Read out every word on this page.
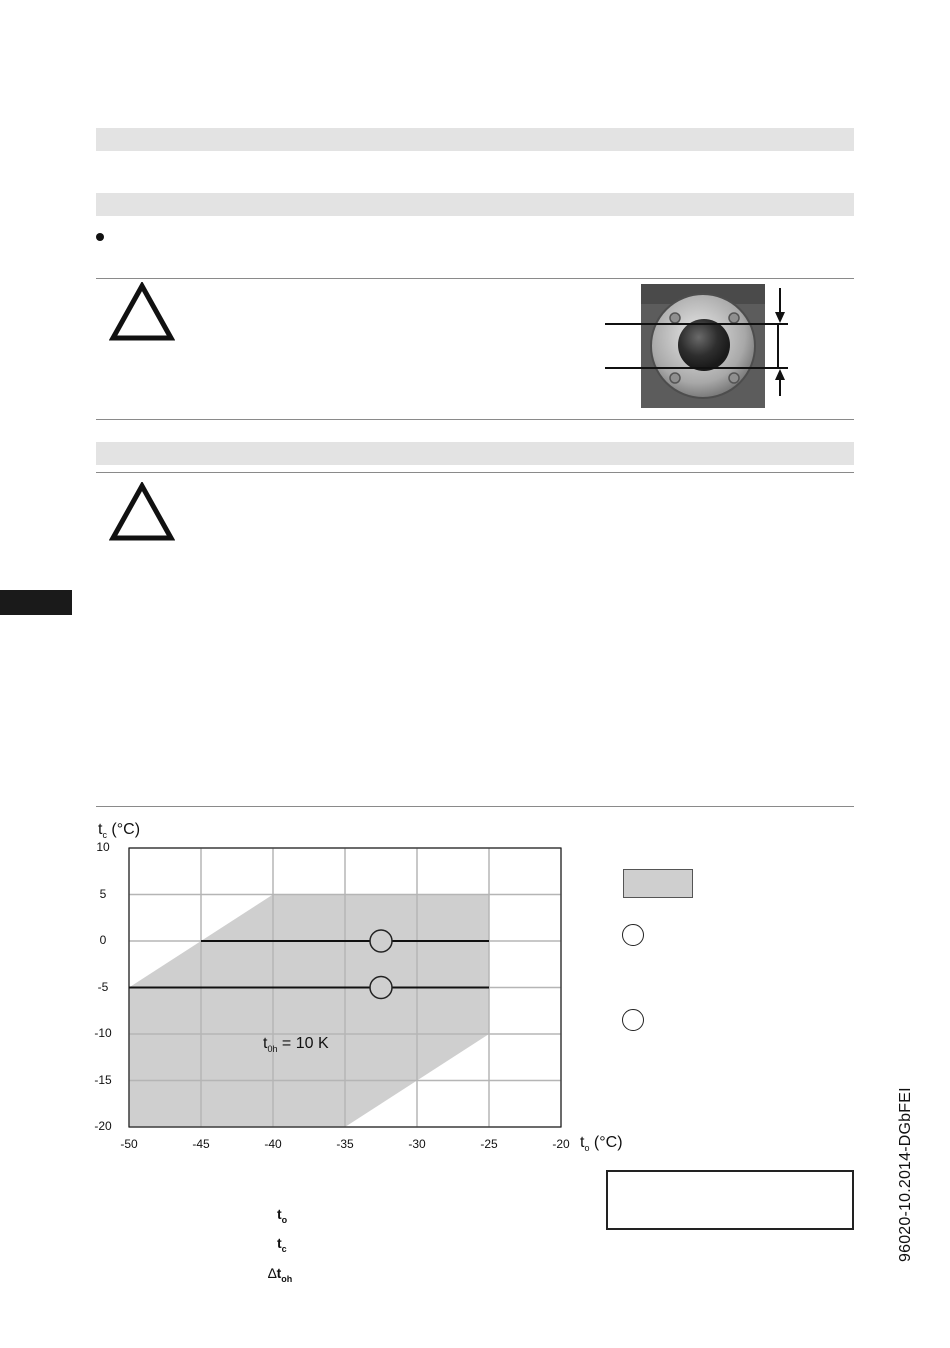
$t_c$ (°C)
$t_o$ (°C)
10
5
0
-5
-10
-15
-20
-50	-45	-40	-35	-30	-25	-20
$t_{0h} = 10$ K
$t_o$
$t_c$
$\Delta t_{oh}$
96020-10.2014-DGbFEI
